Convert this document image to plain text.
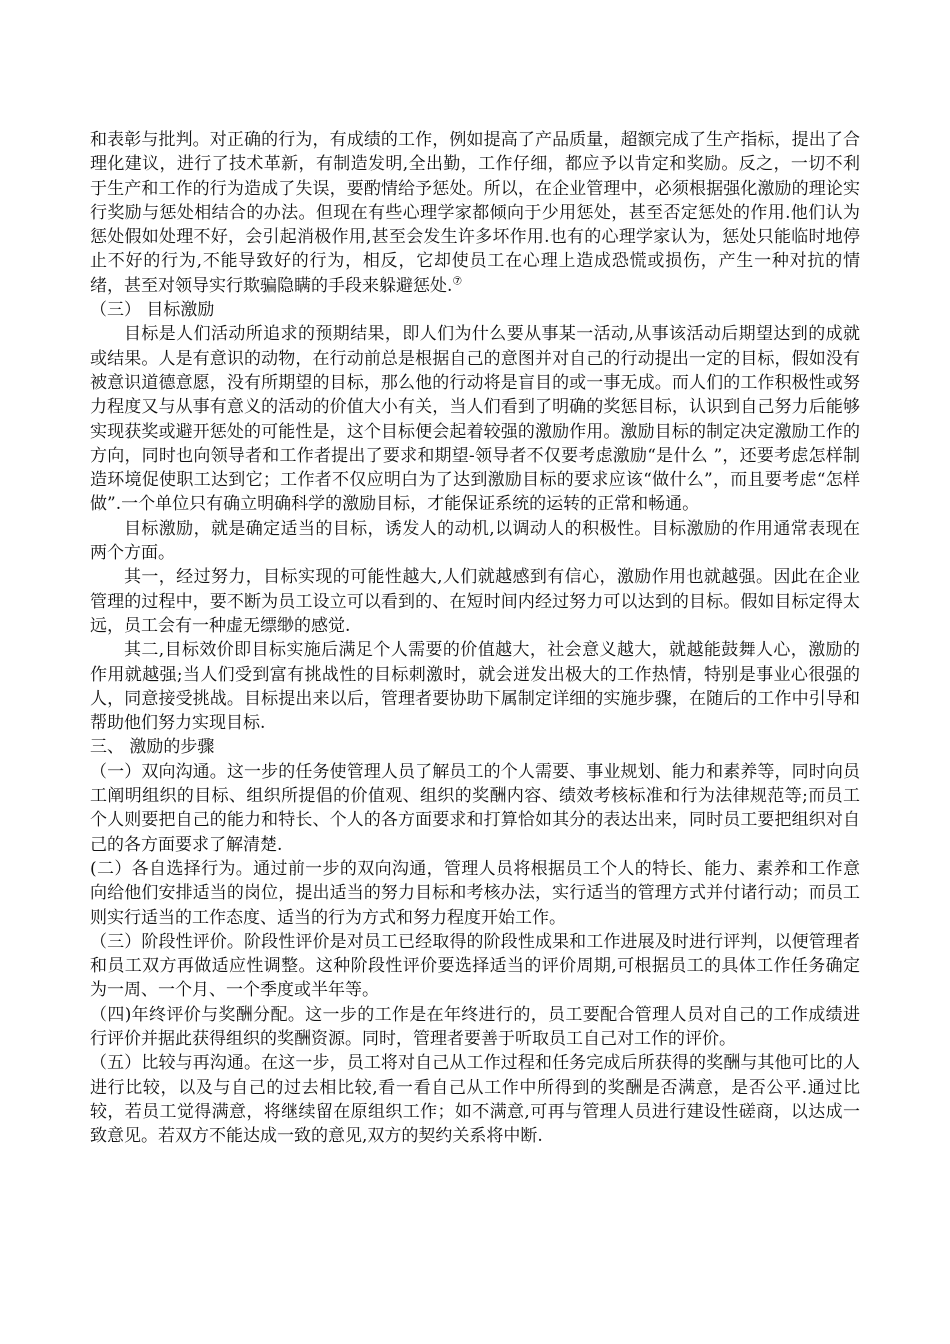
和表彰与批判。对正确的行为，有成绩的工作，例如提高了产品质量，超额完成了生产指标，提出了合理化建议，进行了技术革新，有制造发明,全出勤，工作仔细，都应予以肯定和奖励。反之，一切不利于生产和工作的行为造成了失误，要酌情给予惩处。所以，在企业管理中，必须根据强化激励的理论实行奖励与惩处相结合的办法。但现在有些心理学家都倾向于少用惩处，甚至否定惩处的作用.他们认为惩处假如处理不好，会引起消极作用,甚至会发生许多坏作用.也有的心理学家认为，惩处只能临时地停止不好的行为,不能导致好的行为，相反，它却使员工在心理上造成恐慌或损伤，产生一种对抗的情绪，甚至对领导实行欺骗隐瞒的手段来躲避惩处.⑦

（三） 目标激励

目标是人们活动所追求的预期结果，即人们为什么要从事某一活动,从事该活动后期望达到的成就或结果。人是有意识的动物，在行动前总是根据自己的意图并对自己的行动提出一定的目标，假如没有被意识道德意愿，没有所期望的目标，那么他的行动将是盲目的或一事无成。而人们的工作积极性或努力程度又与从事有意义的活动的价值大小有关，当人们看到了明确的奖惩目标，认识到自己努力后能够实现获奖或避开惩处的可能性是，这个目标便会起着较强的激励作用。激励目标的制定决定激励工作的方向，同时也向领导者和工作者提出了要求和期望-领导者不仅要考虑激励“是什么 ”，还要考虑怎样制造环境促使职工达到它；工作者不仅应明白为了达到激励目标的要求应该“做什么”，而且要考虑“怎样做”.一个单位只有确立明确科学的激励目标，才能保证系统的运转的正常和畅通。

目标激励，就是确定适当的目标，诱发人的动机,以调动人的积极性。目标激励的作用通常表现在两个方面。

其一，经过努力，目标实现的可能性越大,人们就越感到有信心，激励作用也就越强。因此在企业管理的过程中，要不断为员工设立可以看到的、在短时间内经过努力可以达到的目标。假如目标定得太远，员工会有一种虚无缥缈的感觉.

其二,目标效价即目标实施后满足个人需要的价值越大，社会意义越大，就越能鼓舞人心，激励的作用就越强;当人们受到富有挑战性的目标刺激时，就会迸发出极大的工作热情，特别是事业心很强的人，同意接受挑战。目标提出来以后，管理者要协助下属制定详细的实施步骤，在随后的工作中引导和帮助他们努力实现目标.

三、 激励的步骤

（一）双向沟通。这一步的任务使管理人员了解员工的个人需要、事业规划、能力和素养等，同时向员工阐明组织的目标、组织所提倡的价值观、组织的奖酬内容、绩效考核标准和行为法律规范等;而员工个人则要把自己的能力和特长、个人的各方面要求和打算恰如其分的表达出来，同时员工要把组织对自己的各方面要求了解清楚.

(二）各自选择行为。通过前一步的双向沟通，管理人员将根据员工个人的特长、能力、素养和工作意向给他们安排适当的岗位，提出适当的努力目标和考核办法，实行适当的管理方式并付诸行动；而员工则实行适当的工作态度、适当的行为方式和努力程度开始工作。

（三）阶段性评价。阶段性评价是对员工已经取得的阶段性成果和工作进展及时进行评判，以便管理者和员工双方再做适应性调整。这种阶段性评价要选择适当的评价周期,可根据员工的具体工作任务确定为一周、一个月、一个季度或半年等。

（四)年终评价与奖酬分配。这一步的工作是在年终进行的，员工要配合管理人员对自己的工作成绩进行评价并据此获得组织的奖酬资源。同时，管理者要善于听取员工自己对工作的评价。

（五）比较与再沟通。在这一步，员工将对自己从工作过程和任务完成后所获得的奖酬与其他可比的人进行比较，以及与自己的过去相比较,看一看自己从工作中所得到的奖酬是否满意，是否公平.通过比较，若员工觉得满意，将继续留在原组织工作；如不满意,可再与管理人员进行建设性磋商，以达成一致意见。若双方不能达成一致的意见,双方的契约关系将中断.
